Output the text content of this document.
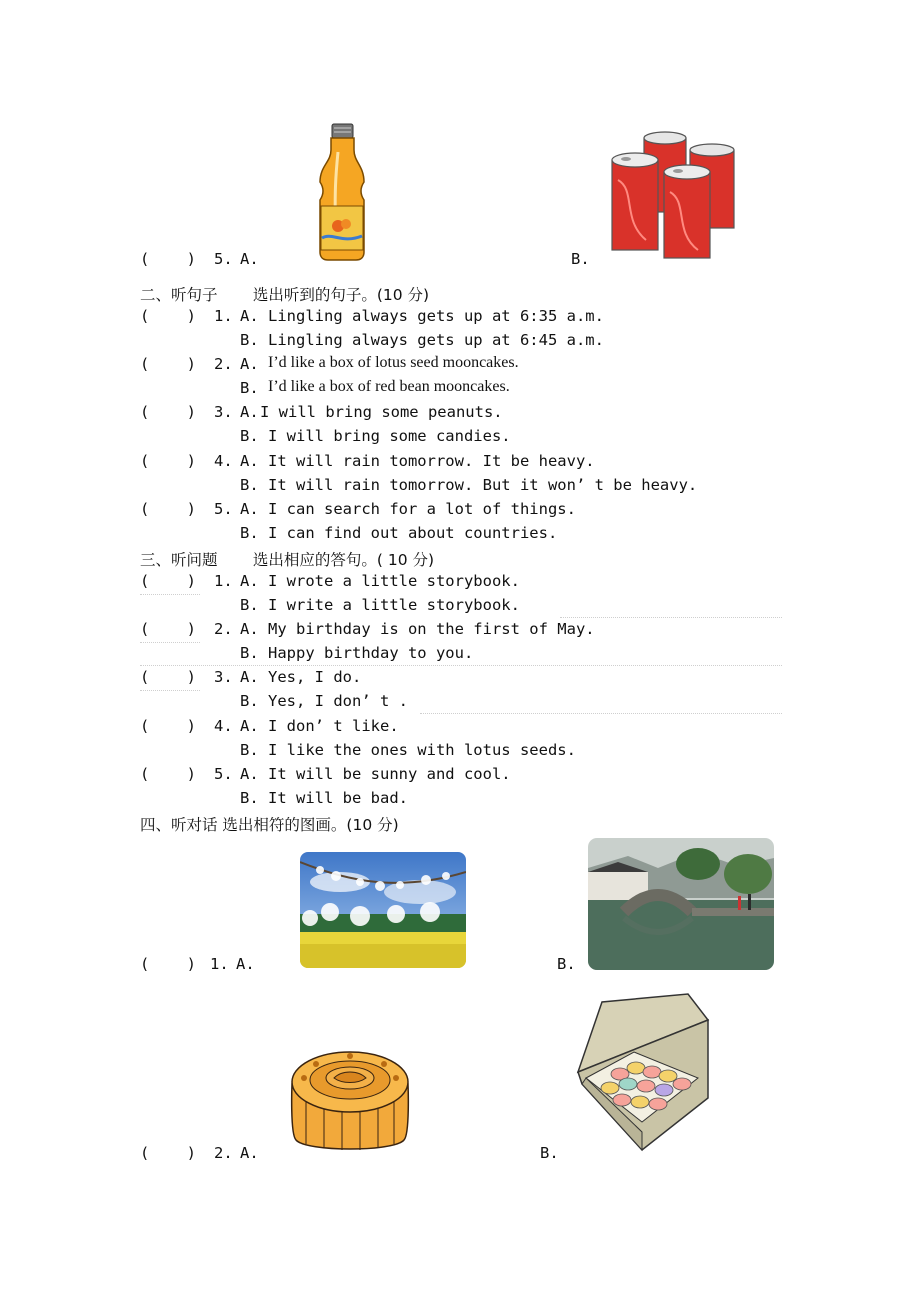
(    ) 5. A.	B.
二、听句子 选出听到的句子。(10 分)
(    ) 1. A. Lingling always gets up at 6:35 a.m.
B. Lingling always gets up at 6:45 a.m.
(    ) 2. A. I’d like a box of lotus seed mooncakes.
B. I’d like a box of red bean mooncakes.
(    ) 3. A. I will bring some peanuts.
B. I will bring some candies.
(    ) 4. A. It will rain tomorrow. It be heavy.
B. It will rain tomorrow. But it won’ t be heavy.
(    ) 5. A. I can search for a lot of things.
B. I can find out about countries.
三、听问题 选出相应的答句。( 10 分)
(    ) 1. A. I wrote a little storybook.
B. I write a little storybook.
(    ) 2. A. My birthday is on the first of May.
B. Happy birthday to you.
(    ) 3. A. Yes, I do.
B. Yes, I don’ t .
(    ) 4. A. I don’ t like.
B. I like the ones with lotus seeds.
(    ) 5. A. It will be sunny and cool.
B. It will be bad.
四、听对话 选出相符的图画。(10 分)
(    ) 1. A.	B.
(    ) 2. A.	B.
